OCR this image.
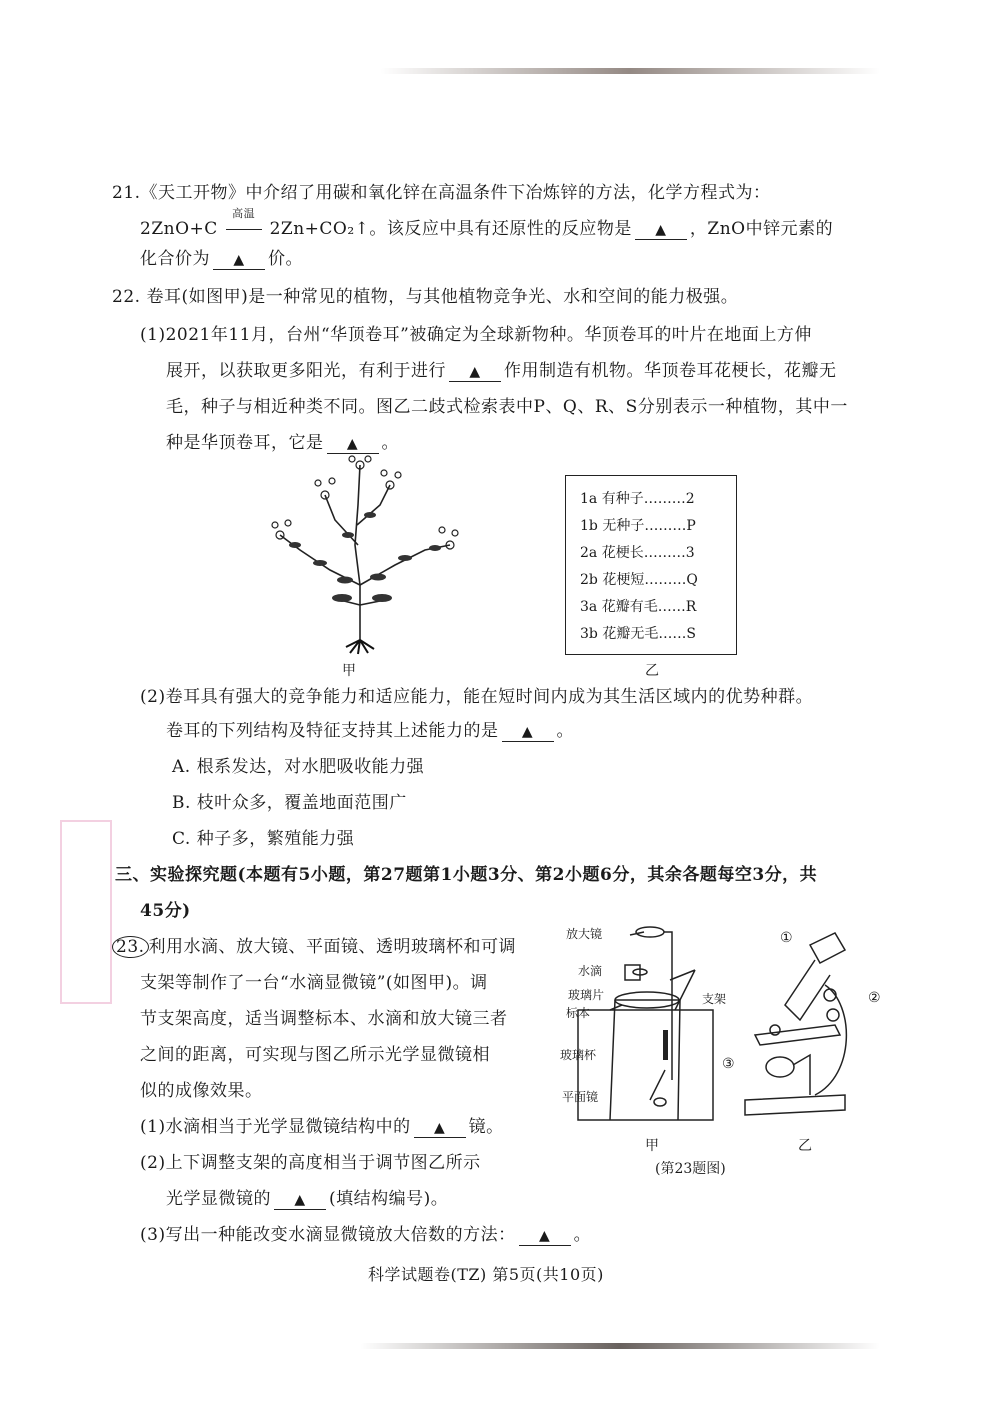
21.《天工开物》中介绍了用碳和氧化锌在高温条件下冶炼锌的方法，化学方程式为：
2ZnO+C
高温
2Zn+CO₂↑。该反应中具有还原性的反应物是 ▲ ，ZnO中锌元素的
化合价为 ▲ 价。
22. 卷耳(如图甲)是一种常见的植物，与其他植物竞争光、水和空间的能力极强。
(1)2021年11月，台州“华顶卷耳”被确定为全球新物种。华顶卷耳的叶片在地面上方伸
展开，以获取更多阳光，有利于进行 ▲ 作用制造有机物。华顶卷耳花梗长，花瓣无
毛，种子与相近种类不同。图乙二歧式检索表中P、Q、R、S分别表示一种植物，其中一
种是华顶卷耳，它是 ▲ 。
甲
1a 有种子………2
1b 无种子………P
2a 花梗长………3
2b 花梗短………Q
3a 花瓣有毛……R
3b 花瓣无毛……S
乙
(2)卷耳具有强大的竞争能力和适应能力，能在短时间内成为其生活区域内的优势种群。
卷耳的下列结构及特征支持其上述能力的是 ▲ 。
A. 根系发达，对水肥吸收能力强
B. 枝叶众多，覆盖地面范围广
C. 种子多，繁殖能力强
三、实验探究题(本题有5小题，第27题第1小题3分、第2小题6分，其余各题每空3分，共
45分)
23. 利用水滴、放大镜、平面镜、透明玻璃杯和可调
支架等制作了一台“水滴显微镜”(如图甲)。调
节支架高度，适当调整标本、水滴和放大镜三者
之间的距离，可实现与图乙所示光学显微镜相
似的成像效果。
(1)水滴相当于光学显微镜结构中的 ▲ 镜。
(2)上下调整支架的高度相当于调节图乙所示
光学显微镜的 ▲ (填结构编号)。
(3)写出一种能改变水滴显微镜放大倍数的方法： ▲ 。
放大镜
水滴
玻璃片
标本
玻璃杯
平面镜
支架
甲
①
②
③
乙
(第23题图)
科学试题卷(TZ) 第5页(共10页)
